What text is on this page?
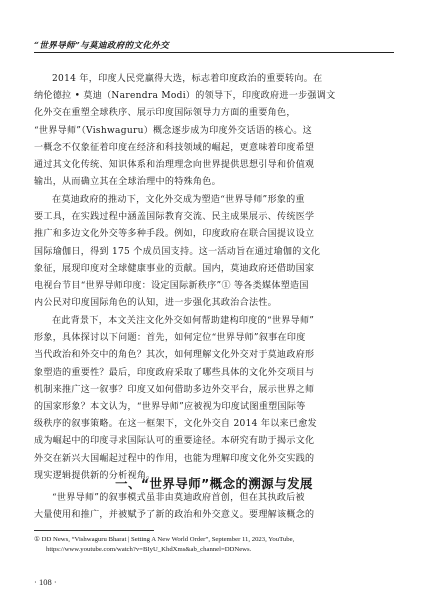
“世界导师”与莫迪政府的文化外交
2014 年，印度人民党赢得大选，标志着印度政治的重要转向。在
纳伦德拉 • 莫迪（Narendra Modi）的领导下，印度政府进一步强调文
化外交在重塑全球秩序、展示印度国际领导力方面的重要角色，
“世界导师”（Vishwaguru）概念逐步成为印度外交话语的核心。这
一概念不仅象征着印度在经济和科技领域的崛起，更意味着印度希望
通过其文化传统、知识体系和治理理念向世界提供思想引导和价值观
输出，从而确立其在全球治理中的特殊角色。
在莫迪政府的推动下，文化外交成为塑造“世界导师”形象的重
要工具，在实践过程中涵盖国际教育交流、民主成果展示、传统医学
推广和多边文化外交等多种手段。例如，印度政府在联合国提议设立
国际瑜伽日，得到 175 个成员国支持。这一活动旨在通过瑜伽的文化
象征，展现印度对全球健康事业的贡献。国内，莫迪政府还借助国家
电视台节目“世界导师印度：设定国际新秩序”① 等各类媒体塑造国
内公民对印度国际角色的认知，进一步强化其政治合法性。
在此背景下，本文关注文化外交如何帮助建构印度的“世界导师”
形象，具体探讨以下问题：首先，如何定位“世界导师”叙事在印度
当代政治和外交中的角色？其次，如何理解文化外交对于莫迪政府形
象塑造的重要性？最后，印度政府采取了哪些具体的文化外交项目与
机制来推广这一叙事？印度又如何借助多边外交平台，展示世界之师
的国家形象？本文认为，“世界导师”应被视为印度试图重塑国际等
级秩序的叙事策略。在这一框架下，文化外交自 2014 年以来已愈发
成为崛起中的印度寻求国际认可的重要途径。本研究有助于揭示文化
外交在新兴大国崛起过程中的作用，也能为理解印度文化外交实践的
现实逻辑提供新的分析视角。
一、“世界导师”概念的溯源与发展
“世界导师”的叙事模式虽非由莫迪政府首创，但在其执政后被
大量使用和推广，并被赋予了新的政治和外交意义。要理解该概念的
① DD News, “Vishwaguru Bharat | Setting A New World Order”, September 11, 2023, YouTube,
https://www.youtube.com/watch?v=BIyU_KhdXms&ab_channel=DDNews.
· 108 ·
